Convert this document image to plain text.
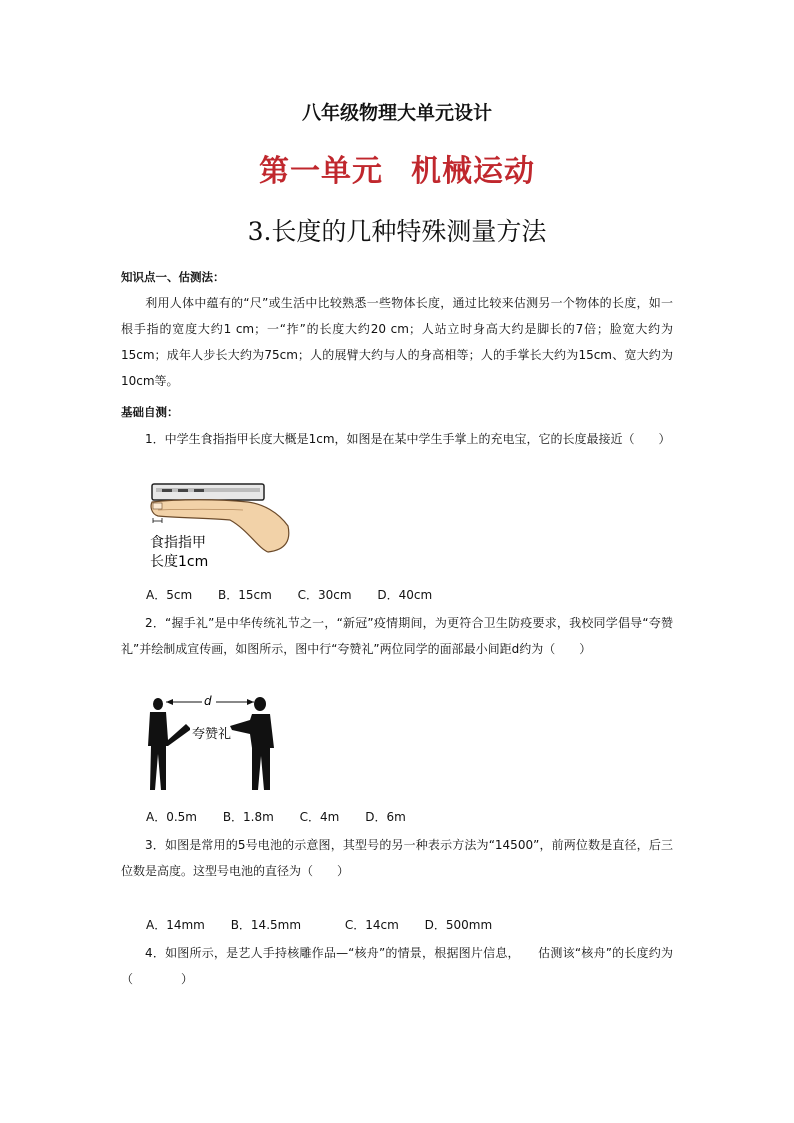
八年级物理大单元设计
第一单元 机械运动
3.长度的几种特殊测量方法
知识点一、估测法：
利用人体中蕴有的“尺”或生活中比较熟悉一些物体长度，通过比较来估测另一个物体的长度，如一根手指的宽度大约1 cm；一“拃”的长度大约20 cm；人站立时身高大约是脚长的7倍；脸宽大约为15cm；成年人步长大约为75cm；人的展臂大约与人的身高相等；人的手掌长大约为15cm、宽大约为10cm等。
基础自测：
1．中学生食指指甲长度大概是1cm，如图是在某中学生手掌上的充电宝，它的长度最接近（　　）
食指指甲
长度1cm
A．5cm B．15cm C．30cm D．40cm
2．“握手礼”是中华传统礼节之一，“新冠”疫情期间，为更符合卫生防疫要求，我校同学倡导“夸赞礼”并绘制成宣传画，如图所示，图中行“夸赞礼”两位同学的面部最小间距d约为（　　）
d
夸赞礼
A．0.5m B．1.8m C．4m D．6m
3．如图是常用的5号电池的示意图，其型号的另一种表示方法为“14500”，前两位数是直径，后三位数是高度。这型号电池的直径为（　　）
A．14mm B．14.5mm	C．14cm D．500mm
4．如图所示，是艺人手持核雕作品—“核舟”的情景，根据图片信息，　　估测该“核舟”的长度约为（　　　　）
